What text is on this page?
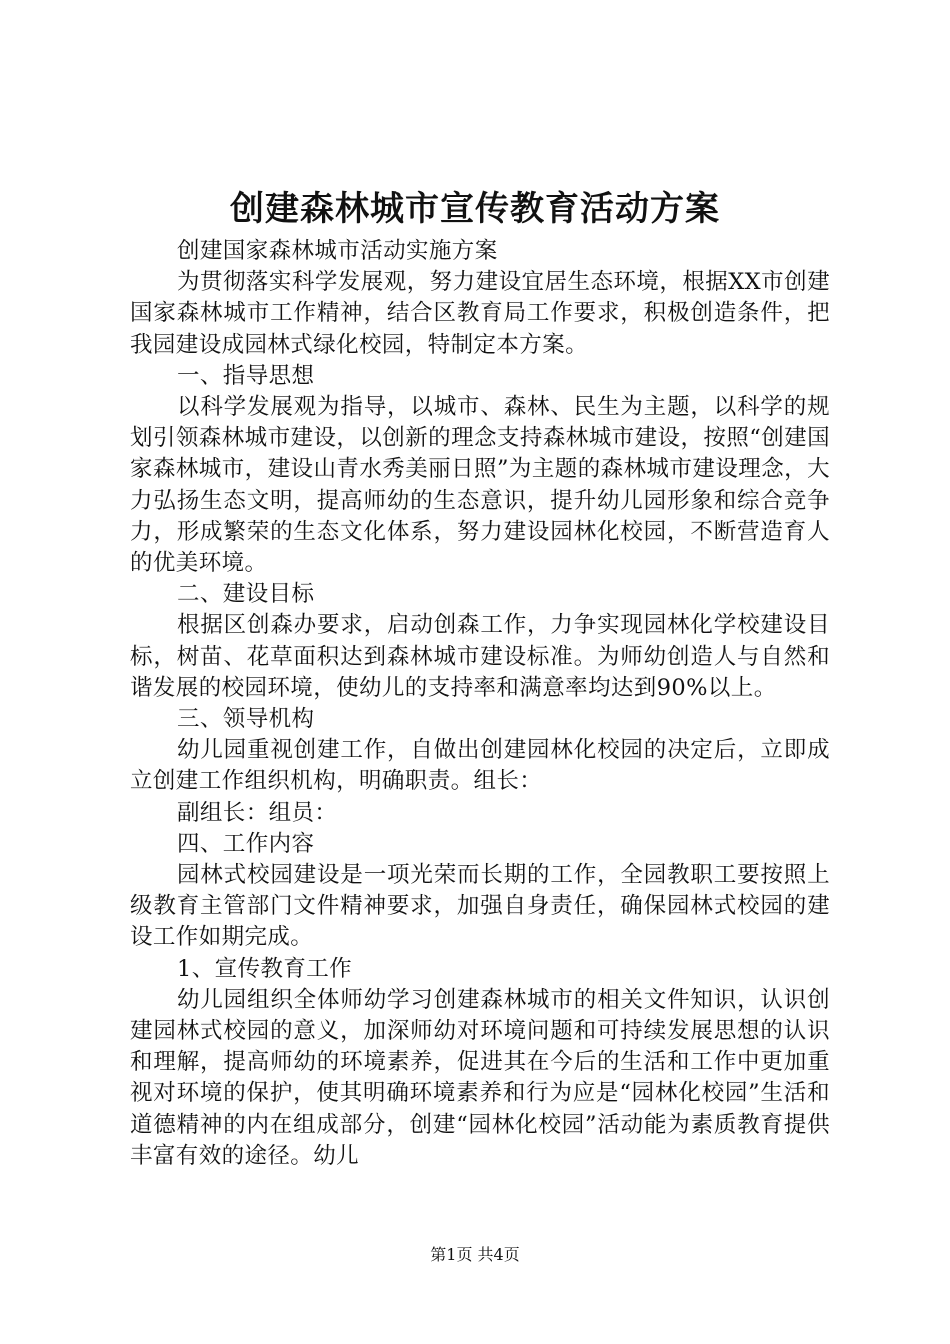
创建森林城市宣传教育活动方案

创建国家森林城市活动实施方案

为贯彻落实科学发展观，努力建设宜居生态环境，根据XX市创建国家森林城市工作精神，结合区教育局工作要求，积极创造条件，把我园建设成园林式绿化校园，特制定本方案。

一、指导思想

以科学发展观为指导，以城市、森林、民生为主题，以科学的规划引领森林城市建设，以创新的理念支持森林城市建设，按照“创建国家森林城市，建设山青水秀美丽日照”为主题的森林城市建设理念，大力弘扬生态文明，提高师幼的生态意识，提升幼儿园形象和综合竞争力，形成繁荣的生态文化体系，努力建设园林化校园，不断营造育人的优美环境。

二、建设目标

根据区创森办要求，启动创森工作，力争实现园林化学校建设目标，树苗、花草面积达到森林城市建设标准。为师幼创造人与自然和谐发展的校园环境，使幼儿的支持率和满意率均达到90%以上。

三、领导机构

幼儿园重视创建工作，自做出创建园林化校园的决定后，立即成立创建工作组织机构，明确职责。组长：

副组长：组员：

四、工作内容

园林式校园建设是一项光荣而长期的工作，全园教职工要按照上级教育主管部门文件精神要求，加强自身责任，确保园林式校园的建设工作如期完成。

1、宣传教育工作

幼儿园组织全体师幼学习创建森林城市的相关文件知识，认识创建园林式校园的意义，加深师幼对环境问题和可持续发展思想的认识和理解，提高师幼的环境素养，促进其在今后的生活和工作中更加重视对环境的保护，使其明确环境素养和行为应是“园林化校园”生活和道德精神的内在组成部分，创建“园林化校园”活动能为素质教育提供丰富有效的途径。幼儿

第1页 共4页
